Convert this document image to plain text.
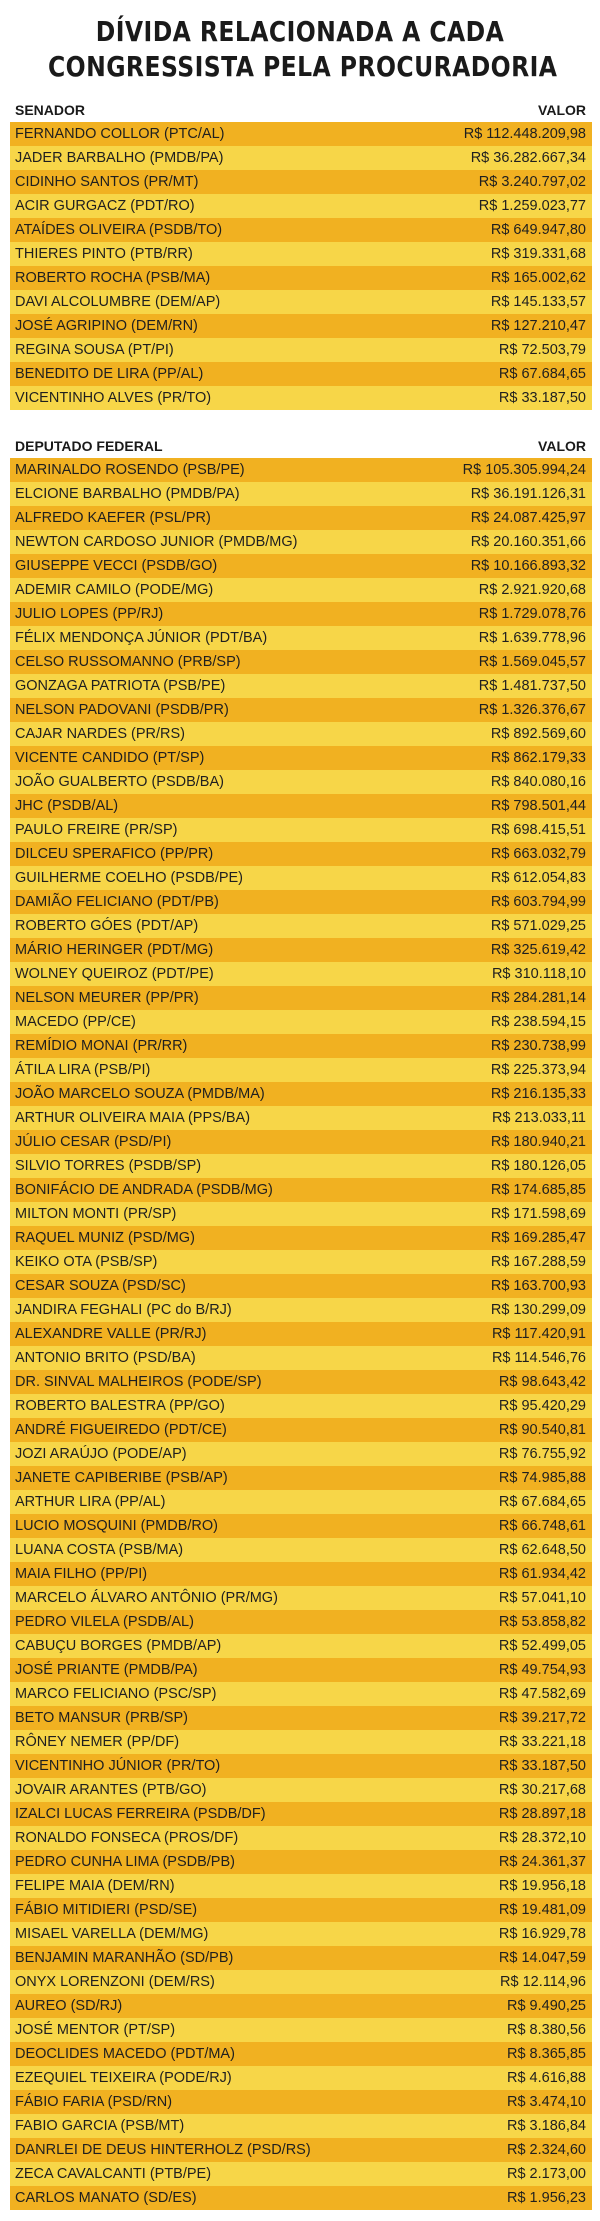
DÍVIDA RELACIONADA A CADA
CONGRESSISTA PELA PROCURADORIA
SENADOR	VALOR
FERNANDO COLLOR (PTC/AL)	R$ 112.448.209,98
JADER BARBALHO (PMDB/PA)	R$ 36.282.667,34
CIDINHO SANTOS (PR/MT)	R$ 3.240.797,02
ACIR GURGACZ (PDT/RO)	R$ 1.259.023,77
ATAÍDES OLIVEIRA (PSDB/TO)	R$ 649.947,80
THIERES PINTO (PTB/RR)	R$ 319.331,68
ROBERTO ROCHA (PSB/MA)	R$ 165.002,62
DAVI ALCOLUMBRE (DEM/AP)	R$ 145.133,57
JOSÉ AGRIPINO (DEM/RN)	R$ 127.210,47
REGINA SOUSA (PT/PI)	R$ 72.503,79
BENEDITO DE LIRA (PP/AL)	R$ 67.684,65
VICENTINHO ALVES (PR/TO)	R$ 33.187,50
DEPUTADO FEDERAL	VALOR
MARINALDO ROSENDO (PSB/PE)	R$ 105.305.994,24
ELCIONE BARBALHO (PMDB/PA)	R$ 36.191.126,31
ALFREDO KAEFER (PSL/PR)	R$ 24.087.425,97
NEWTON CARDOSO JUNIOR (PMDB/MG)	R$ 20.160.351,66
GIUSEPPE VECCI (PSDB/GO)	R$ 10.166.893,32
ADEMIR CAMILO (PODE/MG)	R$ 2.921.920,68
JULIO LOPES (PP/RJ)	R$ 1.729.078,76
FÉLIX MENDONÇA JÚNIOR (PDT/BA)	R$ 1.639.778,96
CELSO RUSSOMANNO (PRB/SP)	R$ 1.569.045,57
GONZAGA PATRIOTA (PSB/PE)	R$ 1.481.737,50
NELSON PADOVANI (PSDB/PR)	R$ 1.326.376,67
CAJAR NARDES (PR/RS)	R$ 892.569,60
VICENTE CANDIDO (PT/SP)	R$ 862.179,33
JOÃO GUALBERTO (PSDB/BA)	R$ 840.080,16
JHC (PSDB/AL)	R$ 798.501,44
PAULO FREIRE (PR/SP)	R$ 698.415,51
DILCEU SPERAFICO (PP/PR)	R$ 663.032,79
GUILHERME COELHO (PSDB/PE)	R$ 612.054,83
DAMIÃO FELICIANO (PDT/PB)	R$ 603.794,99
ROBERTO GÓES (PDT/AP)	R$ 571.029,25
MÁRIO HERINGER (PDT/MG)	R$ 325.619,42
WOLNEY QUEIROZ (PDT/PE)	R$ 310.118,10
NELSON MEURER (PP/PR)	R$ 284.281,14
MACEDO (PP/CE)	R$ 238.594,15
REMÍDIO MONAI (PR/RR)	R$ 230.738,99
ÁTILA LIRA (PSB/PI)	R$ 225.373,94
JOÃO MARCELO SOUZA (PMDB/MA)	R$ 216.135,33
ARTHUR OLIVEIRA MAIA (PPS/BA)	R$ 213.033,11
JÚLIO CESAR (PSD/PI)	R$ 180.940,21
SILVIO TORRES (PSDB/SP)	R$ 180.126,05
BONIFÁCIO DE ANDRADA (PSDB/MG)	R$ 174.685,85
MILTON MONTI (PR/SP)	R$ 171.598,69
RAQUEL MUNIZ (PSD/MG)	R$ 169.285,47
KEIKO OTA (PSB/SP)	R$ 167.288,59
CESAR SOUZA (PSD/SC)	R$ 163.700,93
JANDIRA FEGHALI (PC do B/RJ)	R$ 130.299,09
ALEXANDRE VALLE (PR/RJ)	R$ 117.420,91
ANTONIO BRITO (PSD/BA)	R$ 114.546,76
DR. SINVAL MALHEIROS (PODE/SP)	R$ 98.643,42
ROBERTO BALESTRA (PP/GO)	R$ 95.420,29
ANDRÉ FIGUEIREDO (PDT/CE)	R$ 90.540,81
JOZI ARAÚJO (PODE/AP)	R$ 76.755,92
JANETE CAPIBERIBE (PSB/AP)	R$ 74.985,88
ARTHUR LIRA (PP/AL)	R$ 67.684,65
LUCIO MOSQUINI (PMDB/RO)	R$ 66.748,61
LUANA COSTA (PSB/MA)	R$ 62.648,50
MAIA FILHO (PP/PI)	R$ 61.934,42
MARCELO ÁLVARO ANTÔNIO (PR/MG)	R$ 57.041,10
PEDRO VILELA (PSDB/AL)	R$ 53.858,82
CABUÇU BORGES (PMDB/AP)	R$ 52.499,05
JOSÉ PRIANTE (PMDB/PA)	R$ 49.754,93
MARCO FELICIANO (PSC/SP)	R$ 47.582,69
BETO MANSUR (PRB/SP)	R$ 39.217,72
RÔNEY NEMER (PP/DF)	R$ 33.221,18
VICENTINHO JÚNIOR (PR/TO)	R$ 33.187,50
JOVAIR ARANTES (PTB/GO)	R$ 30.217,68
IZALCI LUCAS FERREIRA (PSDB/DF)	R$ 28.897,18
RONALDO FONSECA (PROS/DF)	R$ 28.372,10
PEDRO CUNHA LIMA (PSDB/PB)	R$ 24.361,37
FELIPE MAIA (DEM/RN)	R$ 19.956,18
FÁBIO MITIDIERI (PSD/SE)	R$ 19.481,09
MISAEL VARELLA (DEM/MG)	R$ 16.929,78
BENJAMIN MARANHÃO (SD/PB)	R$ 14.047,59
ONYX LORENZONI (DEM/RS)	R$ 12.114,96
AUREO (SD/RJ)	R$ 9.490,25
JOSÉ MENTOR (PT/SP)	R$ 8.380,56
DEOCLIDES MACEDO (PDT/MA)	R$ 8.365,85
EZEQUIEL TEIXEIRA (PODE/RJ)	R$ 4.616,88
FÁBIO FARIA (PSD/RN)	R$ 3.474,10
FABIO GARCIA (PSB/MT)	R$ 3.186,84
DANRLEI DE DEUS HINTERHOLZ (PSD/RS)	R$ 2.324,60
ZECA CAVALCANTI (PTB/PE)	R$ 2.173,00
CARLOS MANATO (SD/ES)	R$ 1.956,23
